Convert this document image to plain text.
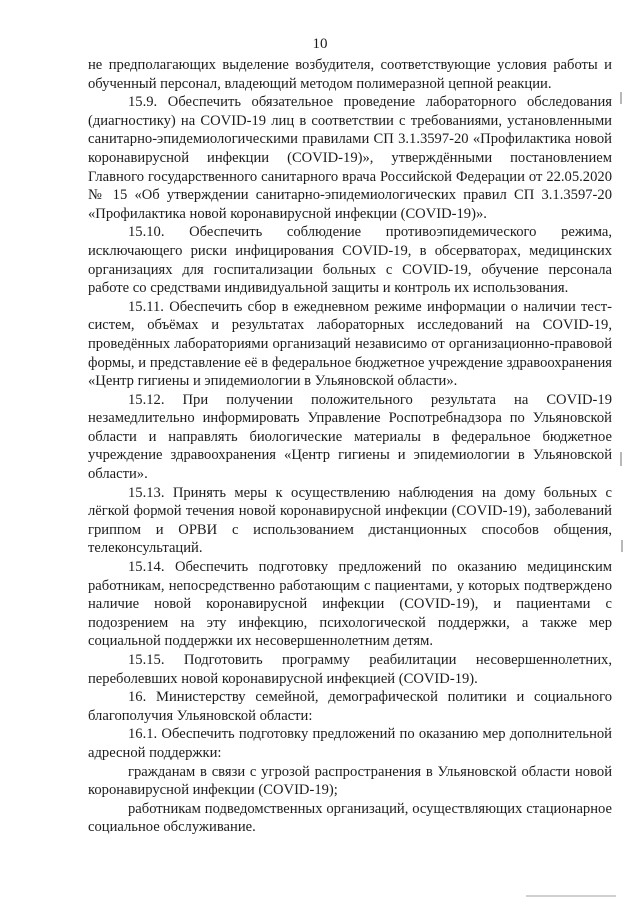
10

не предполагающих выделение возбудителя, соответствующие условия работы и обученный персонал, владеющий методом полимеразной цепной реакции.

15.9. Обеспечить обязательное проведение лабораторного обследования (диагностику) на COVID-19 лиц в соответствии с требованиями, установленными санитарно-эпидемиологическими правилами СП 3.1.3597-20 «Профилактика новой коронавирусной инфекции (COVID-19)», утверждёнными постановлением Главного государственного санитарного врача Российской Федерации от 22.05.2020 № 15 «Об утверждении санитарно-эпидемиологических правил СП 3.1.3597-20 «Профилактика новой коронавирусной инфекции (COVID-19)».

15.10. Обеспечить соблюдение противоэпидемического режима, исключающего риски инфицирования COVID-19, в обсерваторах, медицинских организациях для госпитализации больных с COVID-19, обучение персонала работе со средствами индивидуальной защиты и контроль их использования.

15.11. Обеспечить сбор в ежедневном режиме информации о наличии тест-систем, объёмах и результатах лабораторных исследований на COVID-19, проведённых лабораториями организаций независимо от организационно-правовой формы, и представление её в федеральное бюджетное учреждение здравоохранения «Центр гигиены и эпидемиологии в Ульяновской области».

15.12. При получении положительного результата на COVID-19 незамедлительно информировать Управление Роспотребнадзора по Ульяновской области и направлять биологические материалы в федеральное бюджетное учреждение здравоохранения «Центр гигиены и эпидемиологии в Ульяновской области».

15.13. Принять меры к осуществлению наблюдения на дому больных с лёгкой формой течения новой коронавирусной инфекции (COVID-19), заболеваний гриппом и ОРВИ с использованием дистанционных способов общения, телеконсультаций.

15.14. Обеспечить подготовку предложений по оказанию медицинским работникам, непосредственно работающим с пациентами, у которых подтверждено наличие новой коронавирусной инфекции (COVID-19), и пациентами с подозрением на эту инфекцию, психологической поддержки, а также мер социальной поддержки их несовершеннолетним детям.

15.15. Подготовить программу реабилитации несовершеннолетних, переболевших новой коронавирусной инфекцией (COVID-19).

16. Министерству семейной, демографической политики и социального благополучия Ульяновской области:

16.1. Обеспечить подготовку предложений по оказанию мер дополнительной адресной поддержки:

гражданам в связи с угрозой распространения в Ульяновской области новой коронавирусной инфекции (COVID-19);

работникам подведомственных организаций, осуществляющих стационарное социальное обслуживание.
